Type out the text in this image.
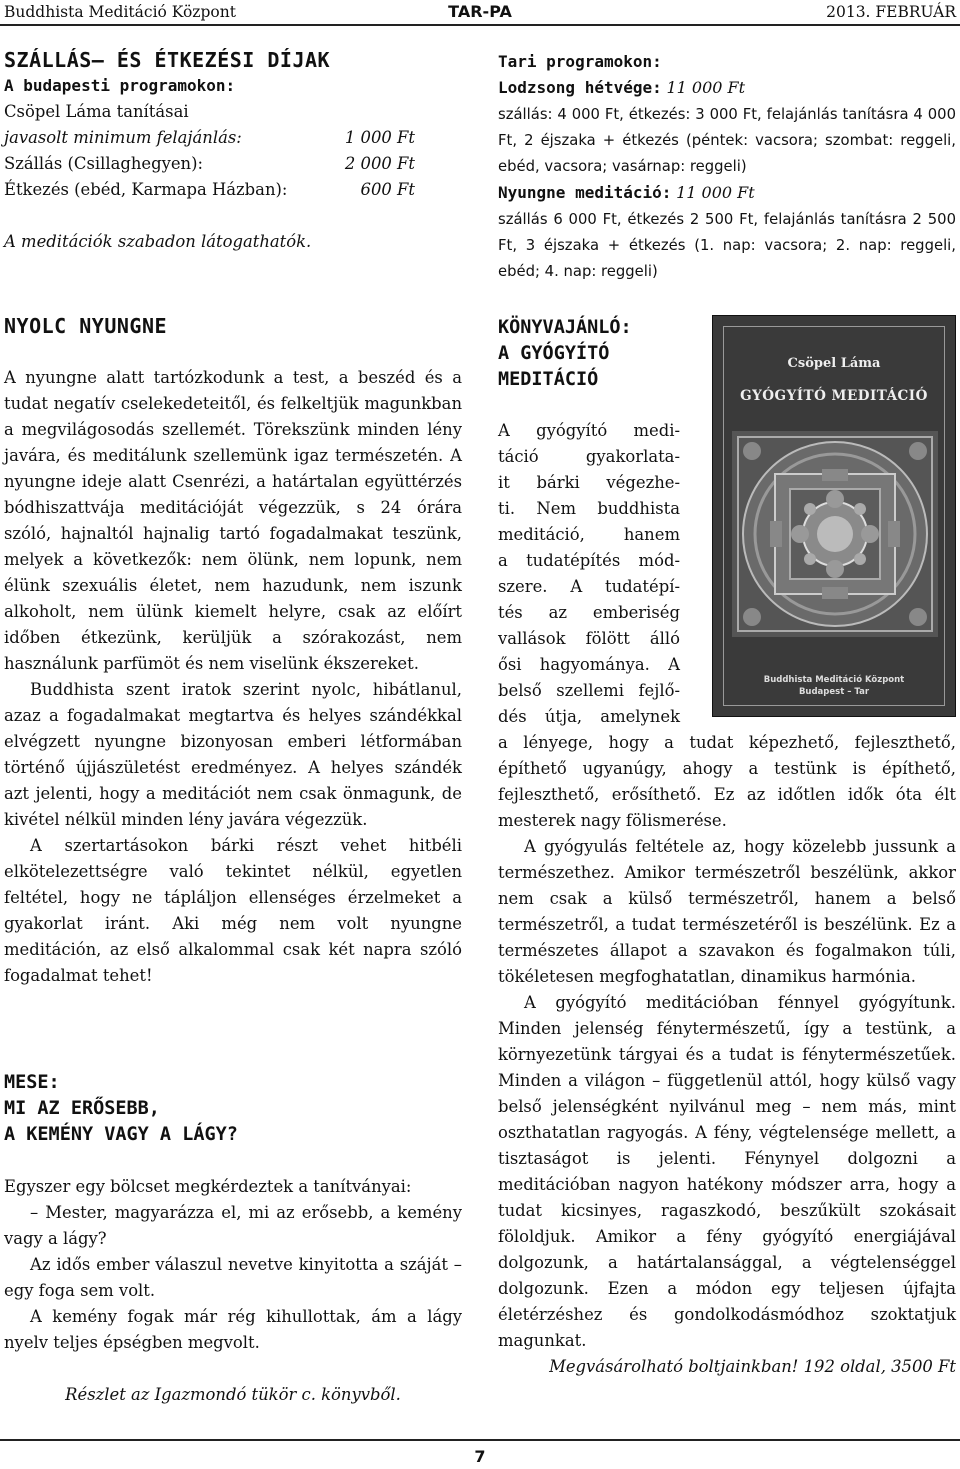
Buddhista Meditáció Központ	TAR-PA	2013. FEBRUÁR
SZÁLLÁS– ÉS ÉTKEZÉSI DÍJAK
A budapesti programokon:
Csöpel Láma tanításai
javasolt minimum felajánlás:	1 000 Ft
Szállás (Csillaghegyen):	2 000 Ft
Étkezés (ebéd, Karmapa Házban):	600 Ft
A meditációk szabadon látogathatók.
Tari programokon:
Lodzsong hétvége: 11 000 Ft
szállás: 4 000 Ft, étkezés: 3 000 Ft, felajánlás tanításra 4 000 Ft, 2 éjszaka + étkezés (péntek: vacsora; szombat: reggeli, ebéd, vacsora; vasárnap: reggeli)
Nyungne meditáció: 11 000 Ft
szállás 6 000 Ft, étkezés 2 500 Ft, felajánlás tanításra 2 500 Ft, 3 éjszaka + étkezés (1. nap: vacsora; 2. nap: reggeli, ebéd; 4. nap: reggeli)
NYOLC NYUNGNE

A nyungne alatt tartózkodunk a test, a beszéd és a tudat negatív cselekedeteitől, és felkeltjük magunkban a megvilágosodás szellemét. Törekszünk minden lény javára, és meditálunk szellemünk igaz természetén. A nyungne ideje alatt Csenrézi, a határtalan együttérzés bódhiszattvája meditációját végezzük, s 24 órára szóló, hajnaltól hajnalig tartó fogadalmakat teszünk, melyek a következők: nem ölünk, nem lopunk, nem élünk szexuális életet, nem hazudunk, nem iszunk alkoholt, nem ülünk kiemelt helyre, csak az előírt időben étkezünk, kerüljük a szórakozást, nem használunk parfümöt és nem viselünk ékszereket.

Buddhista szent iratok szerint nyolc, hibátlanul, azaz a fogadalmakat megtartva és helyes szándékkal elvégzett nyungne bizonyosan emberi létformában történő újjászületést eredményez. A helyes szándék azt jelenti, hogy a meditációt nem csak önmagunk, de kivétel nélkül minden lény javára végezzük.

A szertartásokon bárki részt vehet hitbéli elkötelezettségre való tekintet nélkül, egyetlen feltétel, hogy ne tápláljon ellenséges érzelmeket a gyakorlat iránt. Aki még nem volt nyungne meditáción, az első alkalommal csak két napra szóló fogadalmat tehet!

MESE:
MI AZ ERŐSEBB,
A KEMÉNY VAGY A LÁGY?

Egyszer egy bölcset megkérdeztek a tanítványai:

– Mester, magyarázza el, mi az erősebb, a kemény vagy a lágy?

Az idős ember válaszul nevetve kinyitotta a száját – egy foga sem volt.

A kemény fogak már rég kihullottak, ám a lágy nyelv teljes épségben megvolt.

Részlet az Igazmondó tükör c. könyvből.

KÖNYVAJÁNLÓ:
A GYÓGYÍTÓ
MEDITÁCIÓ
A gyógyító medi-
táció gyakorlata-
it bárki végezhe-
ti. Nem buddhista
meditáció, hanem
a tudatépítés mód-
szere. A tudatépí-
tés az emberiség
vallások fölött álló
ősi hagyománya. A
belső szellemi fejlő-
dés útja, amelynek
Csöpel Láma
GYÓGYÍTÓ MEDITÁCIÓ
Buddhista Meditáció Központ
Budapest – Tar

a lényege, hogy a tudat képezhető, fejleszthető, építhető ugyanúgy, ahogy a testünk is építhető, fejleszthető, erősíthető. Ez az időtlen idők óta élt mesterek nagy fölismerése.

A gyógyulás feltétele az, hogy közelebb jussunk a természethez. Amikor természetről beszélünk, akkor nem csak a külső természetről, hanem a belső természetről, a tudat természetéről is beszélünk. Ez a természetes állapot a szavakon és fogalmakon túli, tökéletesen megfoghatatlan, dinamikus harmónia.

A gyógyító meditációban fénnyel gyógyítunk. Minden jelenség fénytermészetű, így a testünk, a környezetünk tárgyai és a tudat is fénytermészetűek. Minden a világon – függetlenül attól, hogy külső vagy belső jelenségként nyilvánul meg – nem más, mint oszthatatlan ragyogás. A fény, végtelensége mellett, a tisztaságot is jelenti. Fénynyel dolgozni a meditációban nagyon hatékony módszer arra, hogy a tudat kicsinyes, ragaszkodó, beszűkült szokásait föloldjuk. Amikor a fény gyógyító energiájával dolgozunk, a határtalansággal, a végtelenséggel dolgozunk. Ezen a módon egy teljesen újfajta életérzéshez és gondolkodásmódhoz szoktatjuk magunkat.

Megvásárolható boltjainkban! 192 oldal, 3500 Ft

7
